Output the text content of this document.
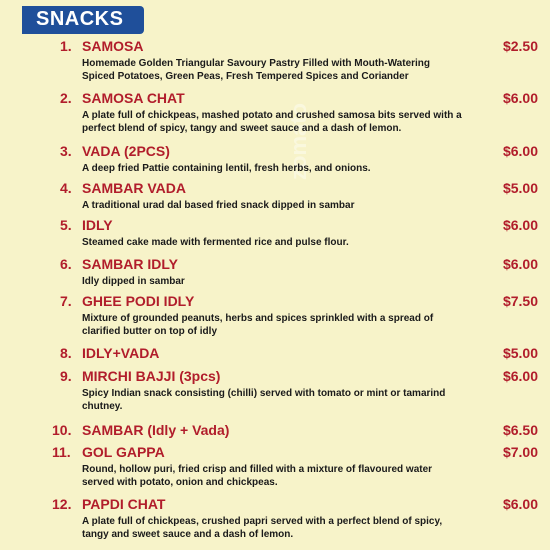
SNACKS
zomato
1. SAMOSA	$2.50
Homemade Golden Triangular Savoury Pastry Filled with Mouth-Watering Spiced Potatoes, Green Peas, Fresh Tempered Spices and Coriander
2. SAMOSA CHAT	$6.00
A plate full of chickpeas, mashed potato and crushed samosa bits served with a perfect blend of spicy, tangy and sweet sauce and a dash of lemon.
3. VADA (2PCS)	$6.00
A deep fried Pattie containing lentil, fresh herbs, and onions.
4. SAMBAR VADA	$5.00
A traditional urad dal based fried snack dipped in sambar
5. IDLY	$6.00
Steamed cake made with fermented rice and pulse flour.
6. SAMBAR IDLY	$6.00
Idly dipped in sambar
7. GHEE PODI IDLY	$7.50
Mixture of grounded peanuts, herbs and spices sprinkled with a spread of clarified butter on top of idly
8. IDLY+VADA	$5.00
9. MIRCHI BAJJI (3pcs)	$6.00
Spicy Indian snack consisting (chilli) served with tomato or mint or tamarind chutney.
10. SAMBAR (Idly + Vada)	$6.50
11. GOL GAPPA	$7.00
Round, hollow puri, fried crisp and filled with a mixture of flavoured water served with potato, onion and chickpeas.
12. PAPDI CHAT	$6.00
A plate full of chickpeas, crushed papri served with a perfect blend of spicy, tangy and sweet sauce and a dash of lemon.
